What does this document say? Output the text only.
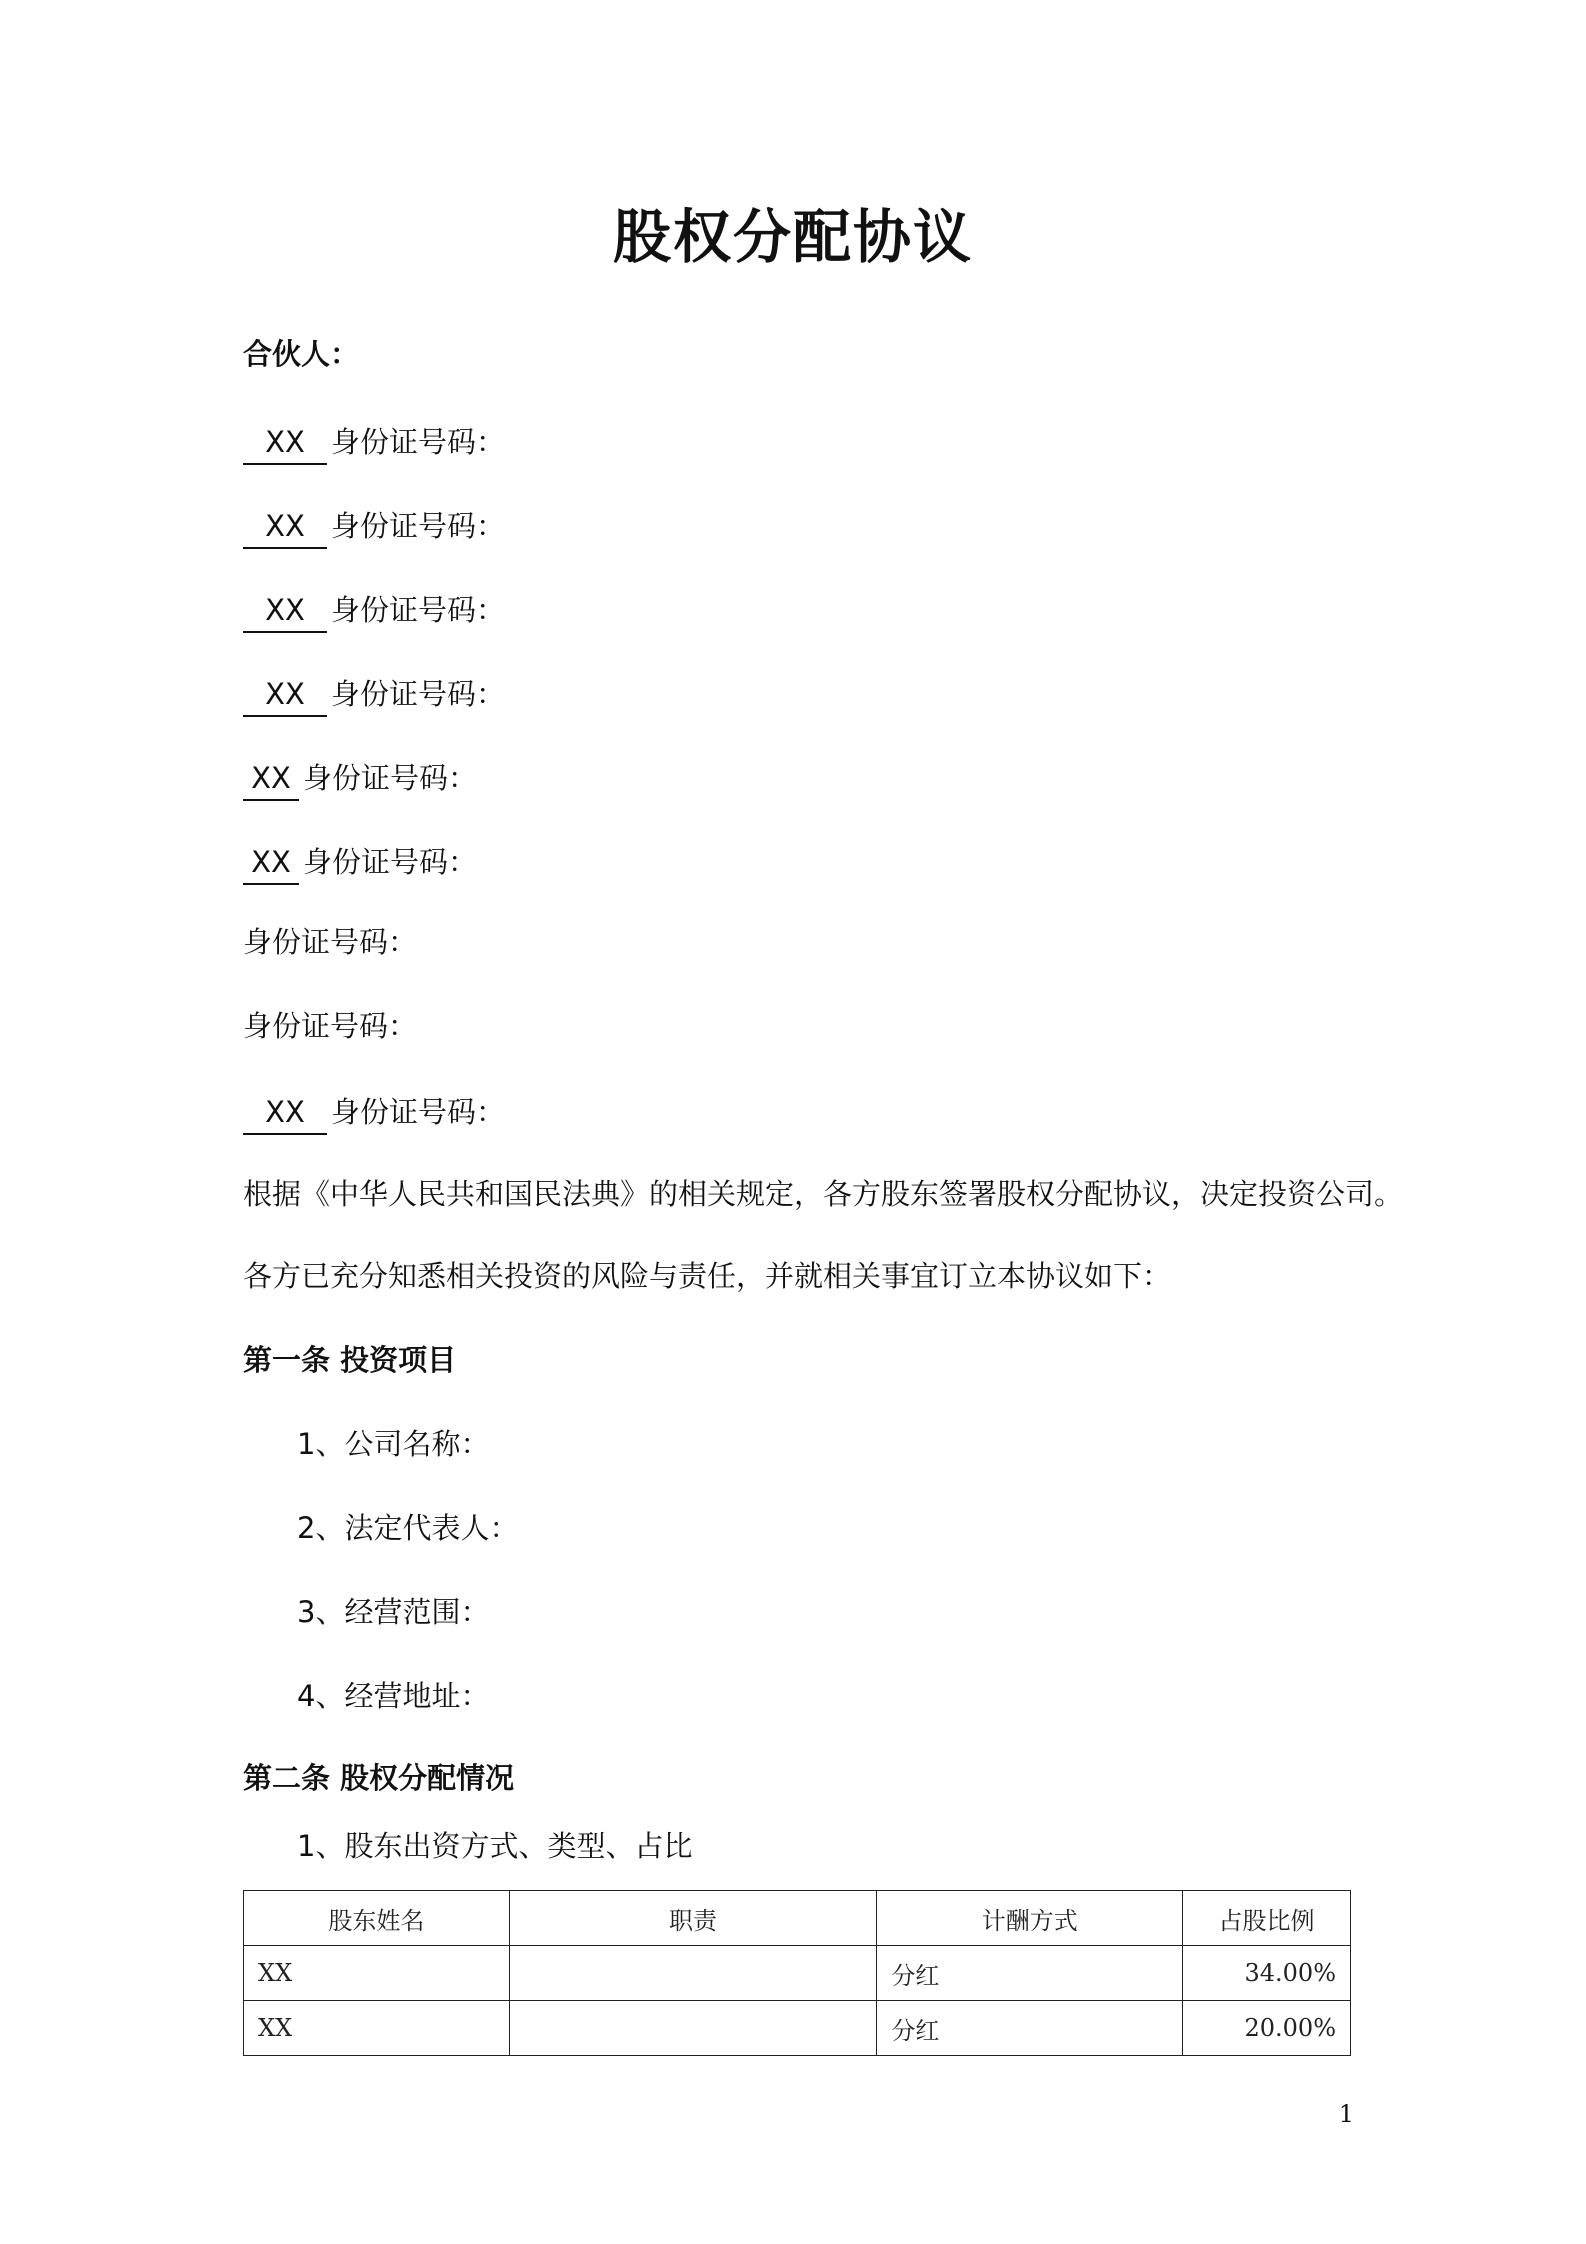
股权分配协议
合伙人：
XX 身份证号码：
XX 身份证号码：
XX 身份证号码：
XX 身份证号码：
XX 身份证号码：
XX 身份证号码：
身份证号码：
身份证号码：
XX 身份证号码：
根据《中华人民共和国民法典》的相关规定，各方股东签署股权分配协议，决定投资公司。
各方已充分知悉相关投资的风险与责任，并就相关事宜订立本协议如下：
第一条 投资项目
1、公司名称：
2、法定代表人：
3、经营范围：
4、经营地址：
第二条 股权分配情况
1、股东出资方式、类型、占比
股东姓名	职责	计酬方式	占股比例
XX		分红	34.00%
XX		分红	20.00%
1
